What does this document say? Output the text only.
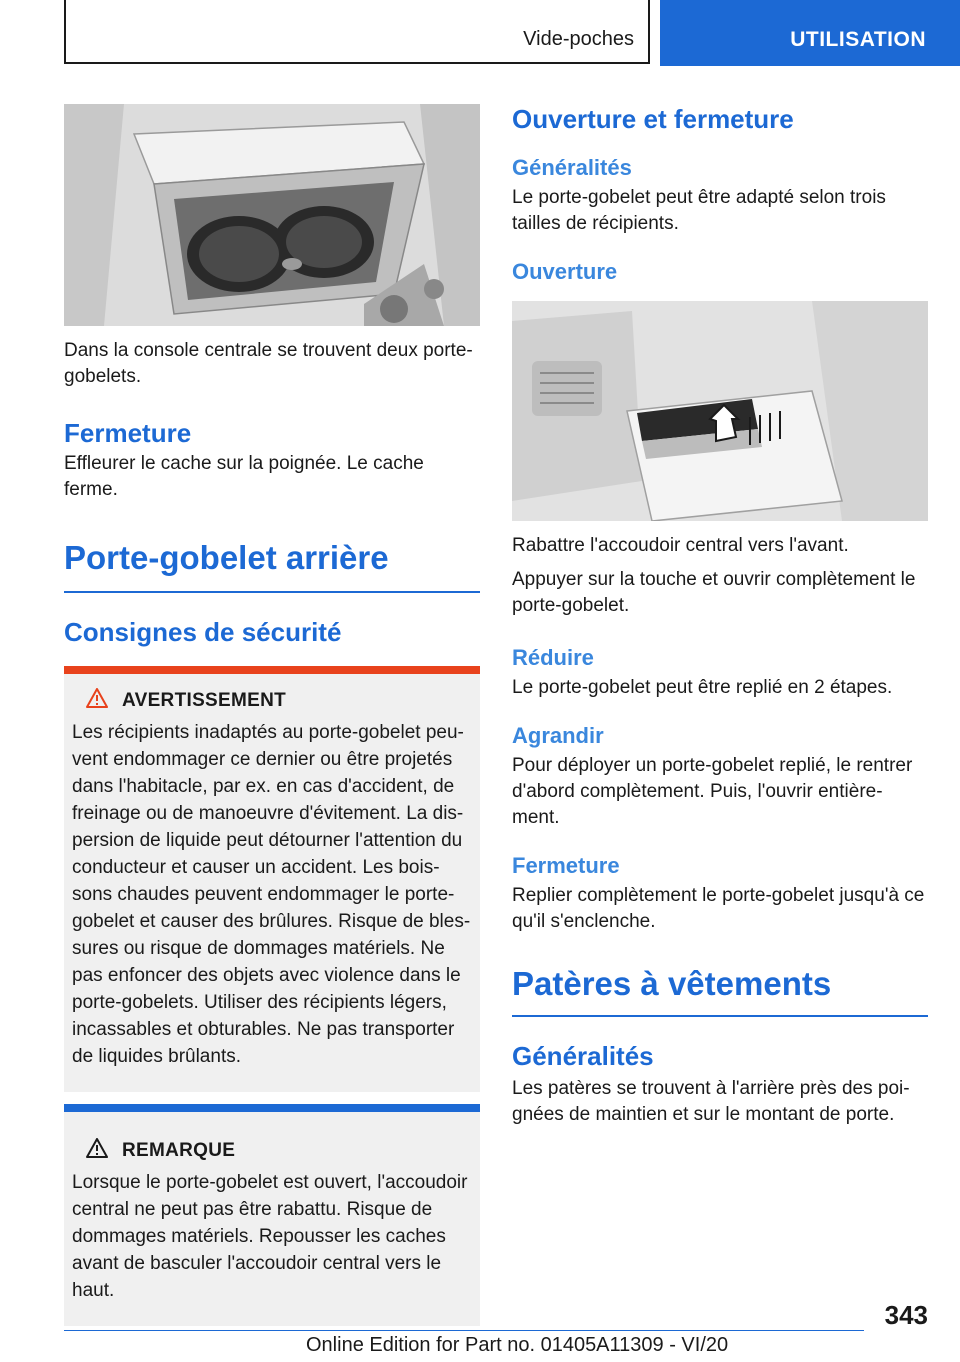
Vide-poches	UTILISATION

Dans la console centrale se trouvent deux porte-gobelets.

Fermeture

Effleurer le cache sur la poignée. Le cache ferme.

Porte-gobelet arrière
Consignes de sécurité
AVERTISSEMENT

Les récipients inadaptés au porte-gobelet peu-vent endommager ce dernier ou être projetés dans l'habitacle, par ex. en cas d'accident, de freinage ou de manoeuvre d'évitement. La dis-persion de liquide peut détourner l'attention du conducteur et causer un accident. Les bois-sons chaudes peuvent endommager le porte-gobelet et causer des brûlures. Risque de bles-sures ou risque de dommages matériels. Ne pas enfoncer des objets avec violence dans le porte-gobelets. Utiliser des récipients légers, incassables et obturables. Ne pas transporter de liquides brûlants.

REMARQUE

Lorsque le porte-gobelet est ouvert, l'accoudoir central ne peut pas être rabattu. Risque de dommages matériels. Repousser les caches avant de basculer l'accoudoir central vers le haut.

Ouverture et fermeture
Généralités

Le porte-gobelet peut être adapté selon trois tailles de récipients.

Ouverture

Rabattre l'accoudoir central vers l'avant.

Appuyer sur la touche et ouvrir complètement le porte-gobelet.

Réduire

Le porte-gobelet peut être replié en 2 étapes.

Agrandir

Pour déployer un porte-gobelet replié, le rentrer d'abord complètement. Puis, l'ouvrir entière-ment.

Fermeture

Replier complètement le porte-gobelet jusqu'à ce qu'il s'enclenche.

Patères à vêtements
Généralités

Les patères se trouvent à l'arrière près des poi-gnées de maintien et sur le montant de porte.

343
Online Edition for Part no. 01405A11309 - VI/20
